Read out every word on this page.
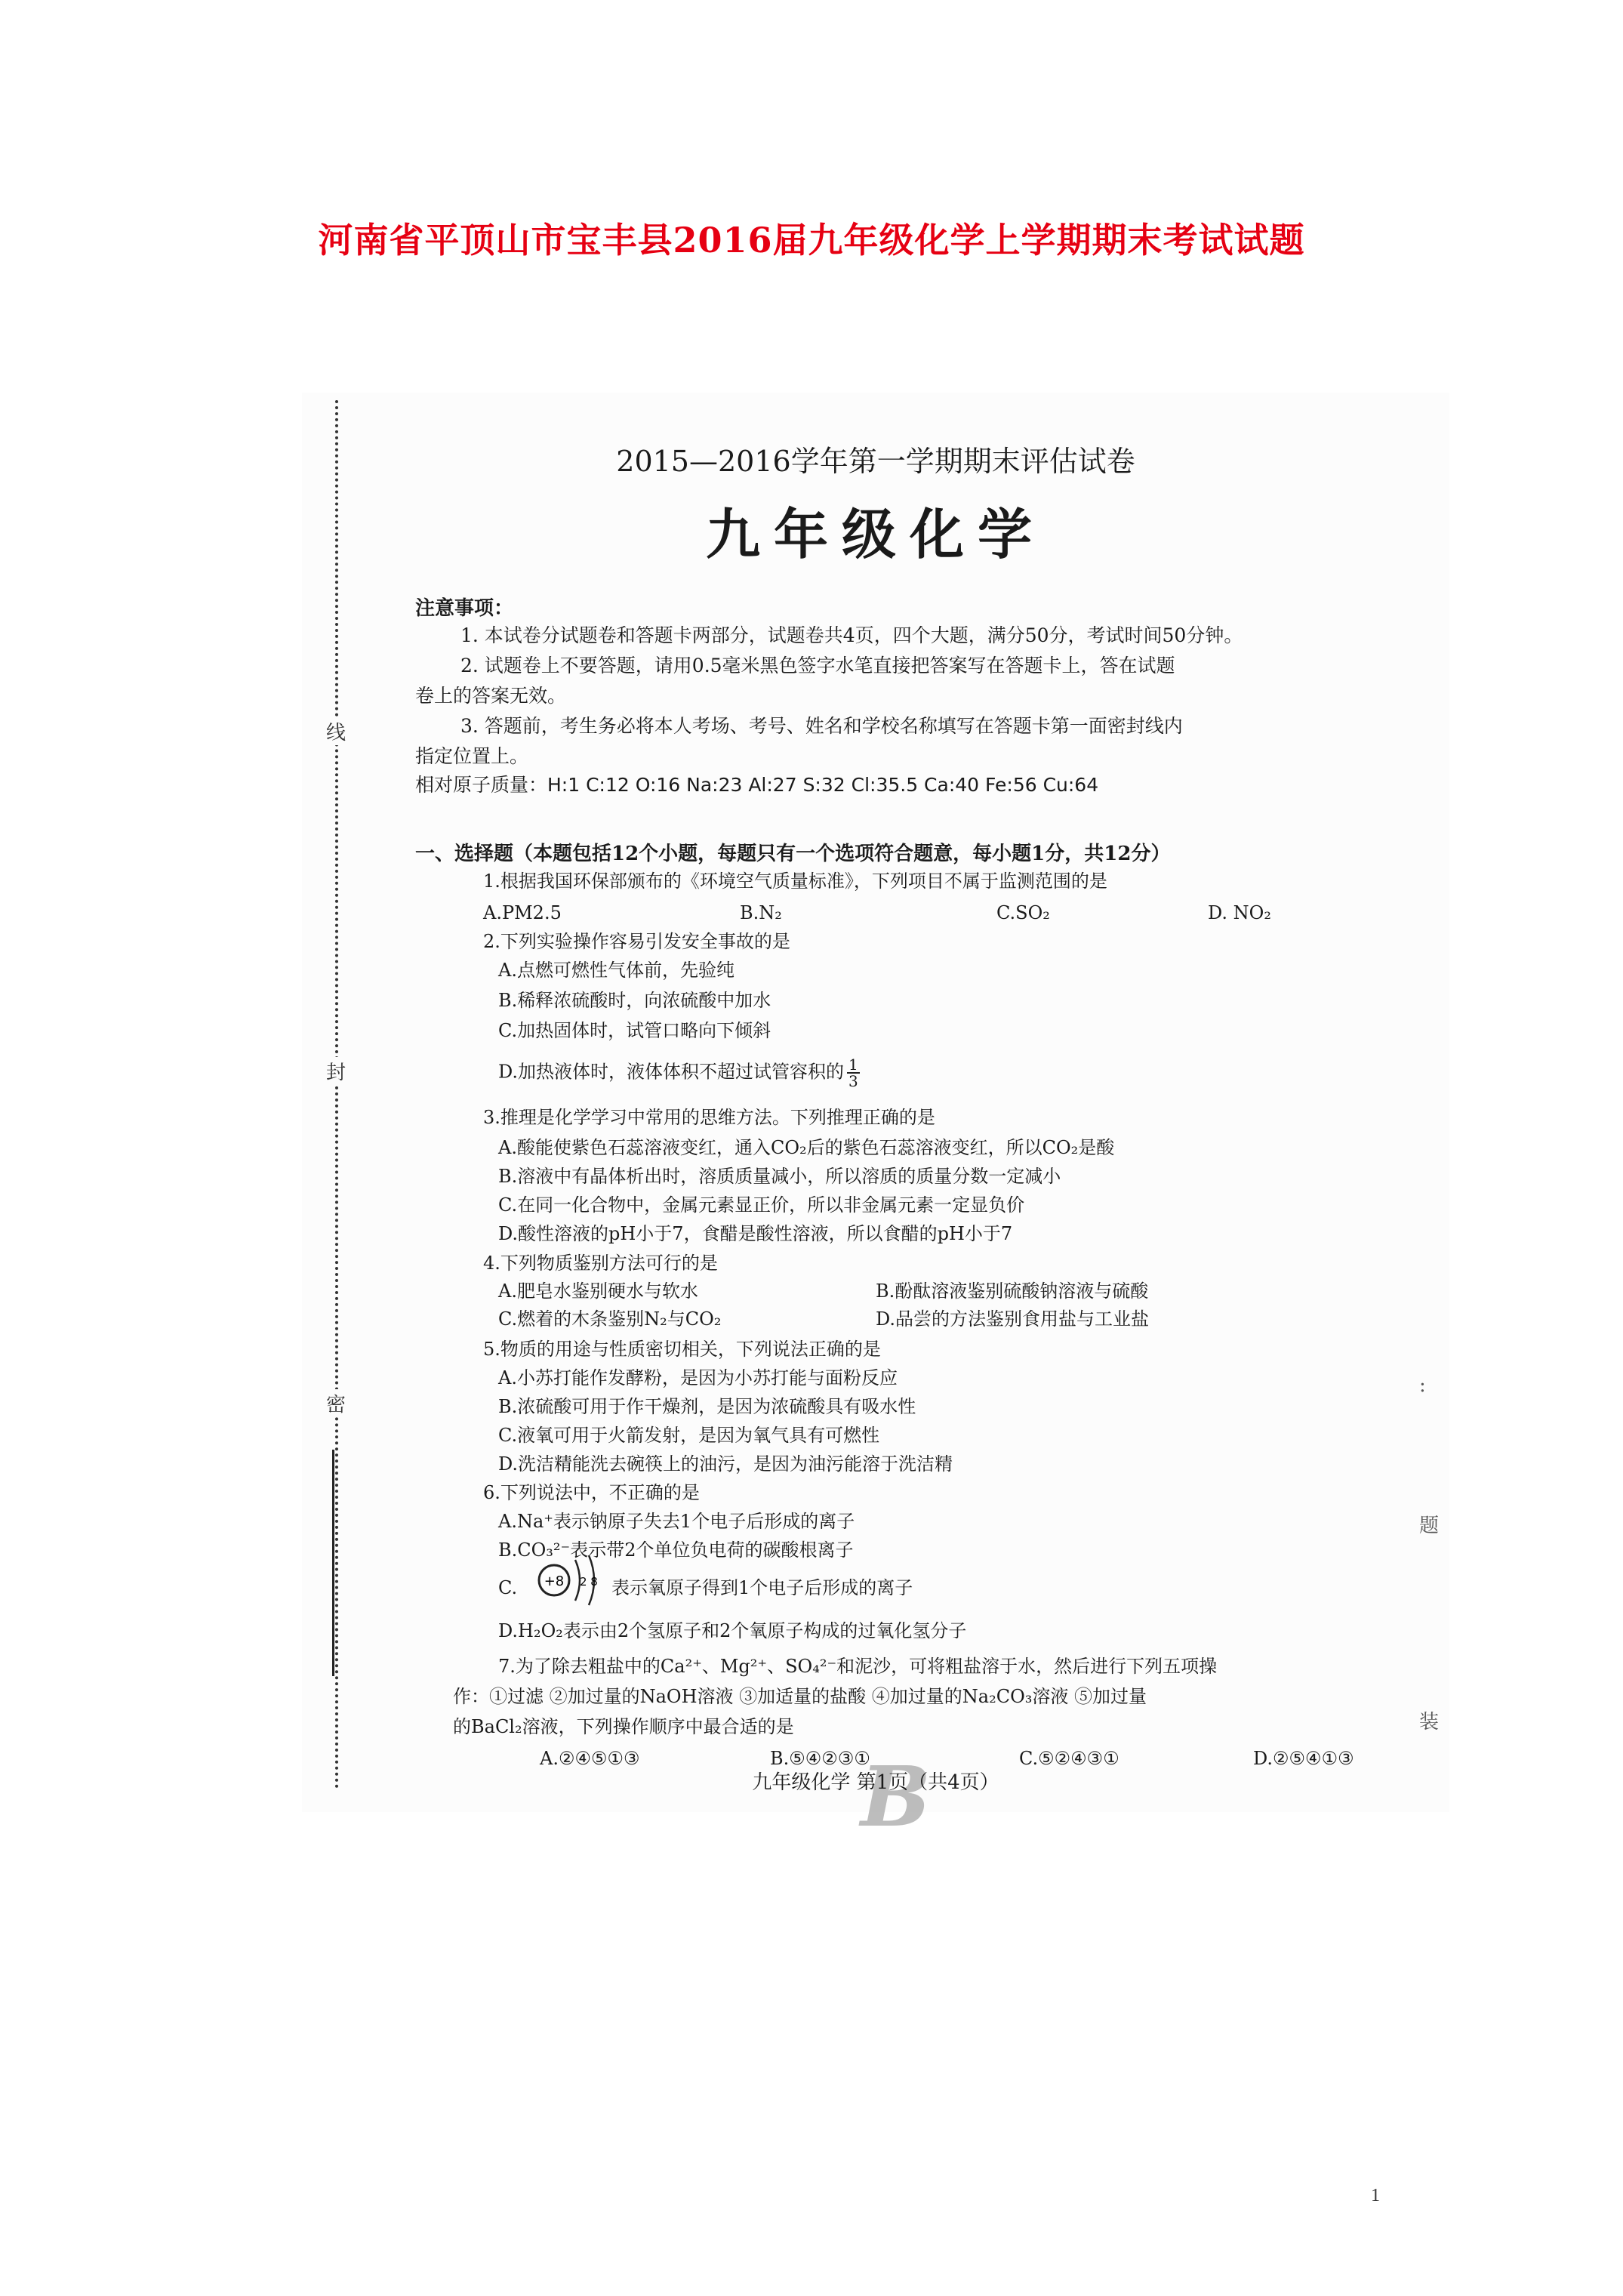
河南省平顶山市宝丰县2016届九年级化学上学期期末考试试题
线
封
密
2015—2016学年第一学期期末评估试卷
九年级化学
注意事项：
1. 本试卷分试题卷和答题卡两部分，试题卷共4页，四个大题，满分50分，考试时间50分钟。
2. 试题卷上不要答题，请用0.5毫米黑色签字水笔直接把答案写在答题卡上，答在试题
卷上的答案无效。
3. 答题前，考生务必将本人考场、考号、姓名和学校名称填写在答题卡第一面密封线内
指定位置上。
相对原子质量：H:1 C:12 O:16 Na:23 Al:27 S:32 Cl:35.5 Ca:40 Fe:56 Cu:64
一、选择题（本题包括12个小题，每题只有一个选项符合题意，每小题1分，共12分）
1.根据我国环保部颁布的《环境空气质量标准》，下列项目不属于监测范围的是
A.PM2.5	B.N₂	C.SO₂	D. NO₂
2.下列实验操作容易引发安全事故的是
A.点燃可燃性气体前，先验纯
B.稀释浓硫酸时，向浓硫酸中加水
C.加热固体时，试管口略向下倾斜
D.加热液体时，液体体积不超过试管容积的 $\frac{1}{3}$
3.推理是化学学习中常用的思维方法。下列推理正确的是
A.酸能使紫色石蕊溶液变红，通入CO₂后的紫色石蕊溶液变红，所以CO₂是酸
B.溶液中有晶体析出时，溶质质量减小，所以溶质的质量分数一定减小
C.在同一化合物中，金属元素显正价，所以非金属元素一定显负价
D.酸性溶液的pH小于7，食醋是酸性溶液，所以食醋的pH小于7
4.下列物质鉴别方法可行的是
A.肥皂水鉴别硬水与软水	B.酚酞溶液鉴别硫酸钠溶液与硫酸
C.燃着的木条鉴别N₂与CO₂	D.品尝的方法鉴别食用盐与工业盐
5.物质的用途与性质密切相关，下列说法正确的是
A.小苏打能作发酵粉，是因为小苏打能与面粉反应
B.浓硫酸可用于作干燥剂，是因为浓硫酸具有吸水性
C.液氧可用于火箭发射，是因为氧气具有可燃性
D.洗洁精能洗去碗筷上的油污，是因为油污能溶于洗洁精
6.下列说法中，不正确的是
A.Na⁺表示钠原子失去1个电子后形成的离子
B.CO₃²⁻表示带2个单位负电荷的碳酸根离子
C. +8 2 8 表示氧原子得到1个电子后形成的离子
D.H₂O₂表示由2个氢原子和2个氧原子构成的过氧化氢分子
7.为了除去粗盐中的Ca²⁺、Mg²⁺、SO₄²⁻和泥沙，可将粗盐溶于水，然后进行下列五项操
作：①过滤 ②加过量的NaOH溶液 ③加适量的盐酸 ④加过量的Na₂CO₃溶液 ⑤加过量
的BaCl₂溶液，下列操作顺序中最合适的是
A.②④⑤①③	B.⑤④②③①	C.⑤②④③①	D.②⑤④①③
B
九年级化学 第1页（共4页）
:
题
装
1
